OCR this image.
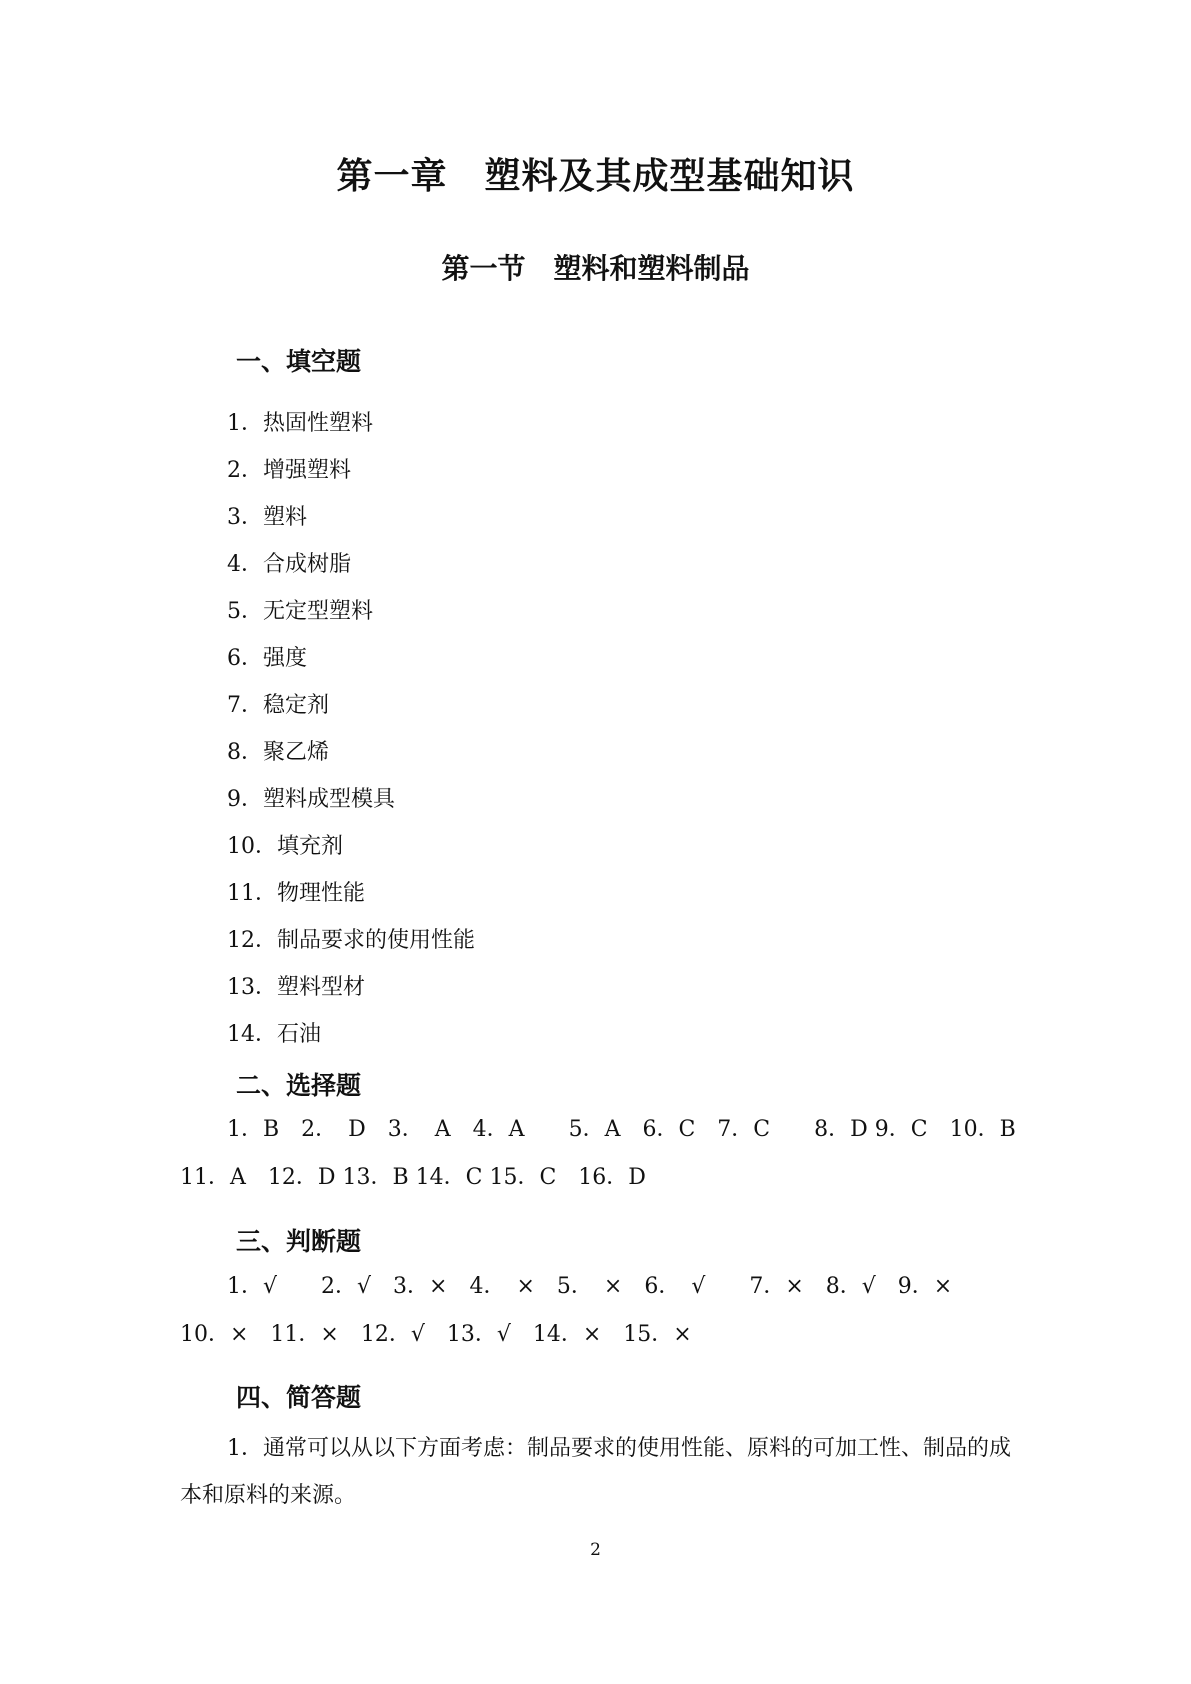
第一章　塑料及其成型基础知识
第一节　塑料和塑料制品
一、填空题
1．热固性塑料
2．增强塑料
3．塑料
4．合成树脂
5．无定型塑料
6．强度
7．稳定剂
8．聚乙烯
9．塑料成型模具
10．填充剂
11．物理性能
12．制品要求的使用性能
13．塑料型材
14．石油
二、选择题

1．B　2．　D　3．　A　4．A　　5．A　6．C　7．C　　8．D 9．C　10．B

11．A　12．D 13．B 14．C 15．C　16．D

三、判断题

1．√　　2．√　3．×　4．　×　5．　×　6．　√　　7．×　8．√　9．×

10．×　11．×　12．√　13．√　14．×　15．×

四、简答题

1．通常可以从以下方面考虑：制品要求的使用性能、原料的可加工性、制品的成本和原料的来源。

2
